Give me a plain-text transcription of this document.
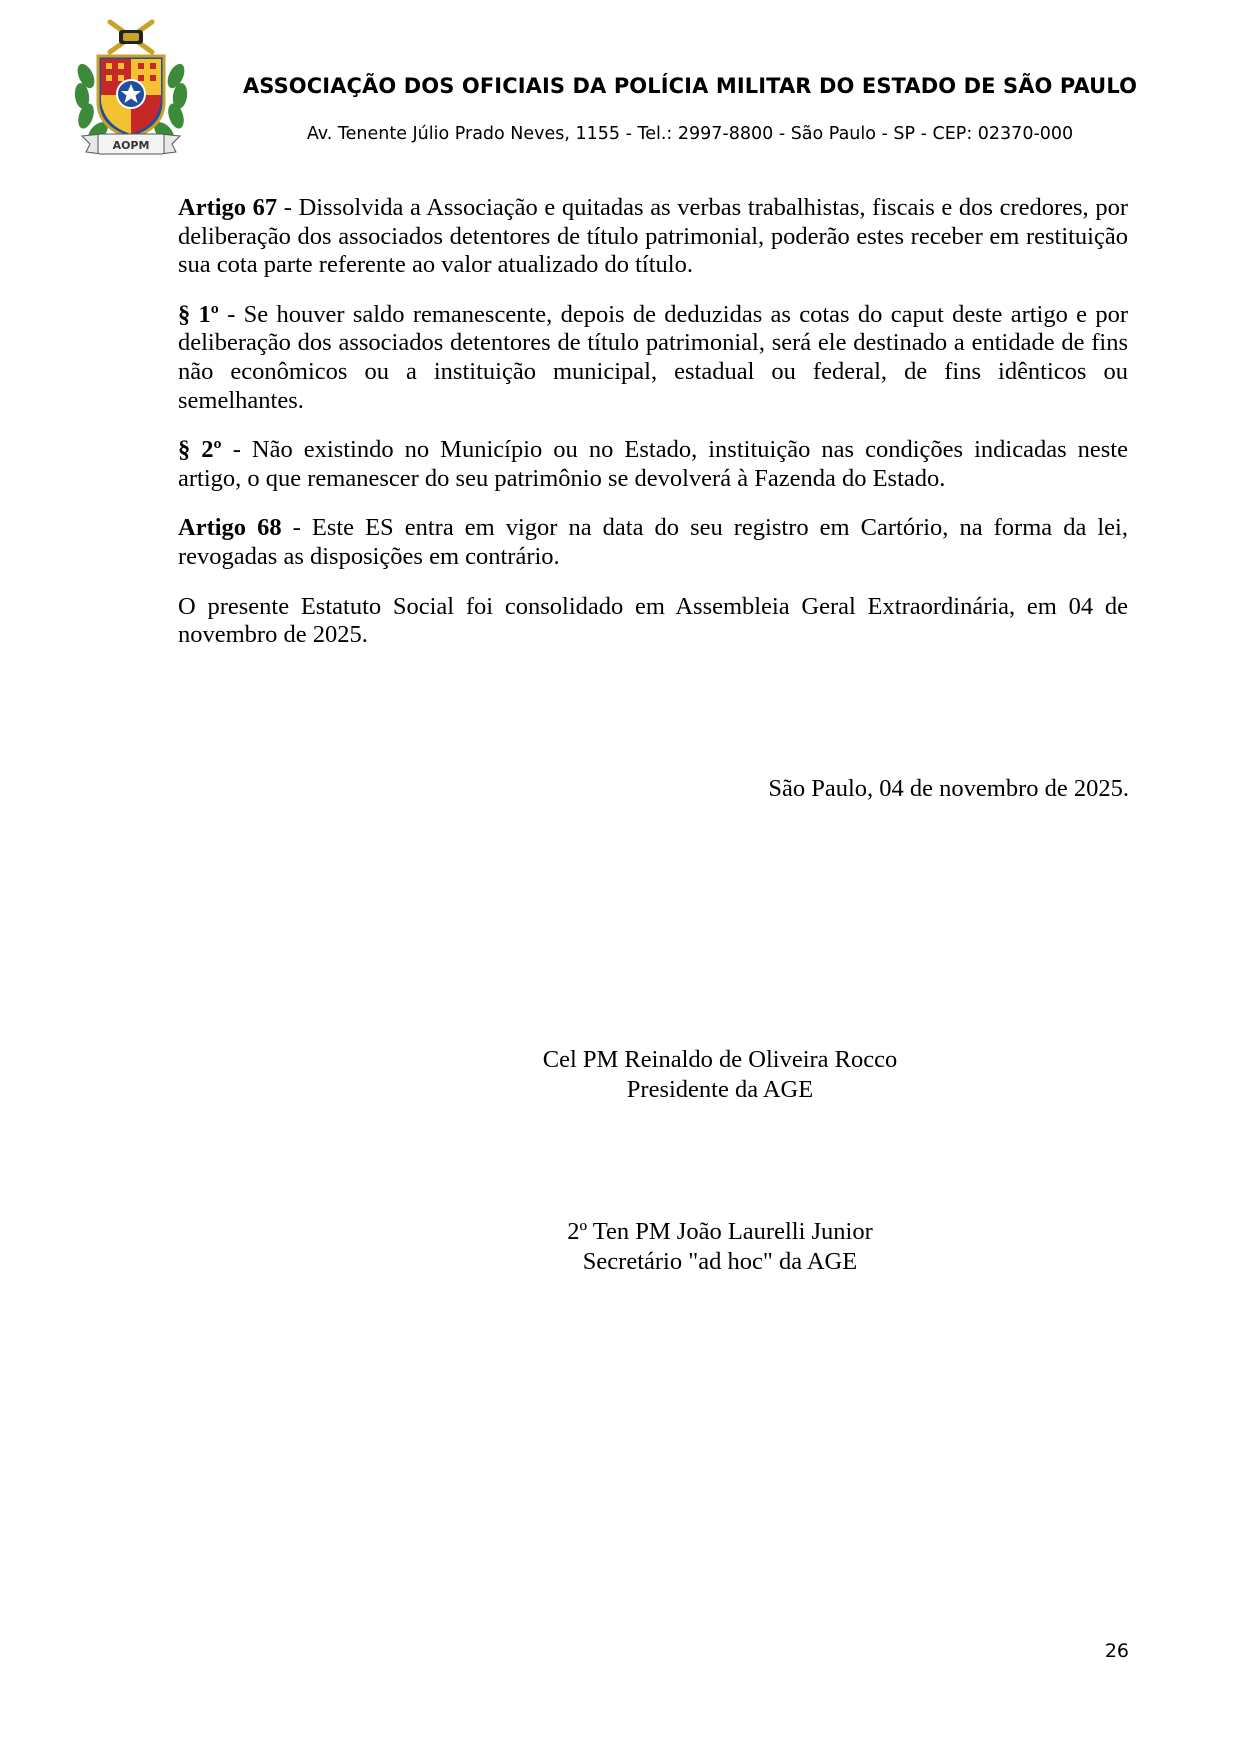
AOPM
ASSOCIAÇÃO DOS OFICIAIS DA POLÍCIA MILITAR DO ESTADO DE SÃO PAULO
Av. Tenente Júlio Prado Neves, 1155 - Tel.: 2997-8800 - São Paulo - SP - CEP: 02370-000

Artigo 67 - Dissolvida a Associação e quitadas as verbas trabalhistas, fiscais e dos credores, por deliberação dos associados detentores de título patrimonial, poderão estes receber em restituição sua cota parte referente ao valor atualizado do título.

§ 1º - Se houver saldo remanescente, depois de deduzidas as cotas do caput deste artigo e por deliberação dos associados detentores de título patrimonial, será ele destinado a entidade de fins não econômicos ou a instituição municipal, estadual ou federal, de fins idênticos ou semelhantes.

§ 2º - Não existindo no Município ou no Estado, instituição nas condições indicadas neste artigo, o que remanescer do seu patrimônio se devolverá à Fazenda do Estado.

Artigo 68 - Este ES entra em vigor na data do seu registro em Cartório, na forma da lei, revogadas as disposições em contrário.

O presente Estatuto Social foi consolidado em Assembleia Geral Extraordinária, em 04 de novembro de 2025.

São Paulo, 04 de novembro de 2025.
Cel PM Reinaldo de Oliveira Rocco
Presidente da AGE
2º Ten PM João Laurelli Junior
Secretário "ad hoc" da AGE
26
